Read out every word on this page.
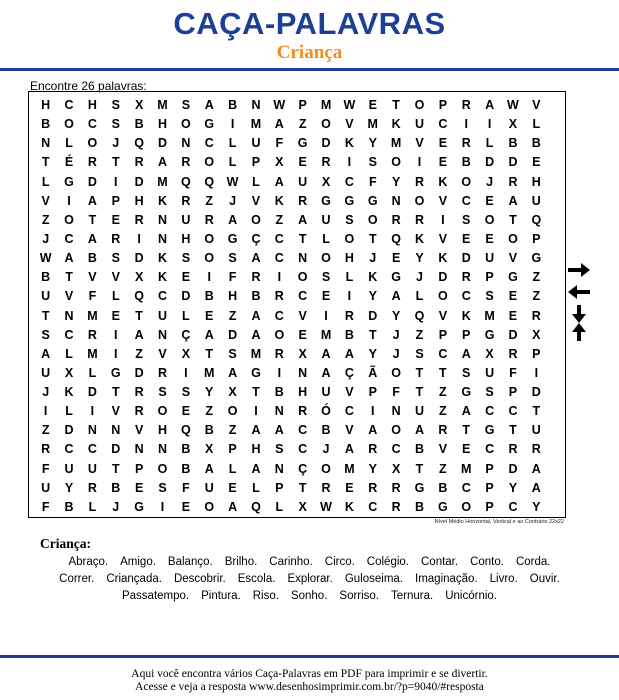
CAÇA-PALAVRAS
Criança
Encontre 26 palavras:
H	C	H	S	X	M	S	A	B	N	W	P	M W	E	T	O	P	R	A	W	V
B	O	C	S	B	H	O	G	I	M	A	Z	O	V	M	K	U	C	I	I	X	L
N	L	O	J	Q	D	N	C	L	U	F	G	D	K	Y	M	V	E	R	L	B	B
T	É	R	T	R	A	R	O	L	P	X	E	R	I	S	O	I	E	B	D	D	E
L	G	D	I	D	M	Q	Q	W	L	A	U	X	C	F	Y	R	K	O	J	R	H
V	I	A	P	H	K	R	Z	J	V	K	R	G	G	G	N	O	V	C	E	A	U
Z	O	T	E	R	N	U	R	A	O	Z	A	U	S	O	R	R	I	S	O	T	Q
J	C	A	R	I	N	H	O	G	Ç	C	T	L	O	T	Q	K	V	E	E	O	P
W	A	B	S	D	K	S	O	S	A	C	N	O	H	J	E	Y	K	D	U	V	G
B	T	V	V	X	K	E	I	F	R	I	O	S	L	K	G	J	D	R	P	G	Z
U	V	F	L	Q	C	D	B	H	B	R	C	E	I	Y	A	L	O	C	S	E	Z
T	N	M	E	T	U	L	E	Z	A	C	V	I	R	D	Y	Q	V	K	M	E	R
S	C	R	I	A	N	Ç	A	D	A	O	E	M	B	T	J	Z	P	P	G	D	X
A	L	M	I	Z	V	X	T	S	M	R	X	A	A	Y	J	S	C	A	X	R	P
U	X	L	G	D	R	I	M	A	G	I	N	A	Ç	Ã	O	T	T	S	U	F	I
J	K	D	T	R	S	S	Y	X	T	B	H	U	V	P	F	T	Z	G	S	P	D
I	L	I	V	R	O	E	Z	O	I	N	R	Ó	C	I	N	U	Z	A	C	C	T
Z	D	N	N	V	H	Q	B	Z	A	A	C	B	V	A	O	A	R	T	G	T	U
R	C	C	D	N	N	B	X	P	H	S	C	J	A	R	C	B	V	E	C	R	R
F	U	U	T	P	O	B	A	L	A	N	Ç	O	M	Y	X	T	Z	M	P	D	A
U	Y	R	B	E	S	F	U	E	L	P	T	R	E	R	R	G	B	C	P	Y	A
F	B	L	J	G	I	E	O	A	Q	L	X	W	K	C	R	B	G	O	P	C	Y
Nível Médio Horizontal, Vertical e ao Contrário 22x22
Criança:
Abraço. Amigo. Balanço. Brilho. Carinho. Circo. Colégio. Contar. Conto. Corda.
Correr. Criançada. Descobrir. Escola. Explorar. Guloseima. Imaginação. Livro. Ouvir.
Passatempo. Pintura. Riso. Sonho. Sorriso. Ternura. Unicórnio.
Aqui você encontra vários Caça-Palavras em PDF para imprimir e se divertir.
Acesse e veja a resposta www.desenhosimprimir.com.br/?p=9040/#resposta
